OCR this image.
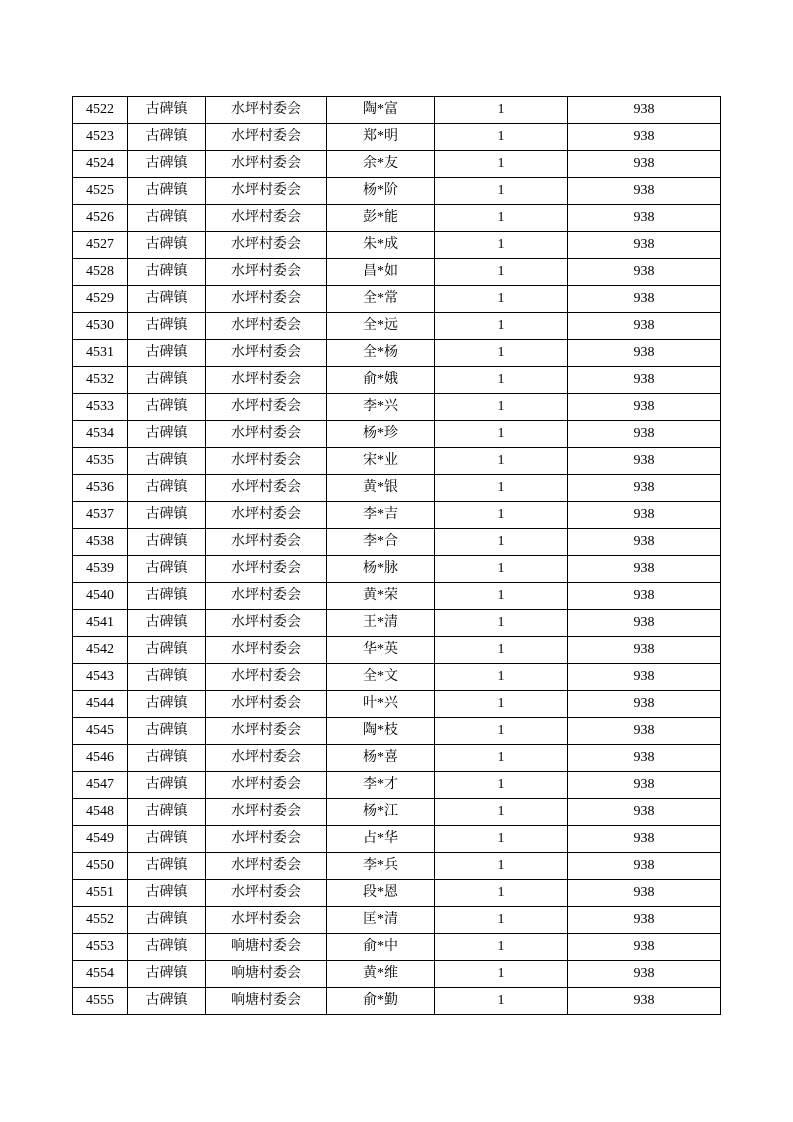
4522	古碑镇	水坪村委会	陶*富	1	938
4523	古碑镇	水坪村委会	郑*明	1	938
4524	古碑镇	水坪村委会	余*友	1	938
4525	古碑镇	水坪村委会	杨*阶	1	938
4526	古碑镇	水坪村委会	彭*能	1	938
4527	古碑镇	水坪村委会	朱*成	1	938
4528	古碑镇	水坪村委会	昌*如	1	938
4529	古碑镇	水坪村委会	全*常	1	938
4530	古碑镇	水坪村委会	全*远	1	938
4531	古碑镇	水坪村委会	全*杨	1	938
4532	古碑镇	水坪村委会	俞*娥	1	938
4533	古碑镇	水坪村委会	李*兴	1	938
4534	古碑镇	水坪村委会	杨*珍	1	938
4535	古碑镇	水坪村委会	宋*业	1	938
4536	古碑镇	水坪村委会	黄*银	1	938
4537	古碑镇	水坪村委会	李*吉	1	938
4538	古碑镇	水坪村委会	李*合	1	938
4539	古碑镇	水坪村委会	杨*脉	1	938
4540	古碑镇	水坪村委会	黄*荣	1	938
4541	古碑镇	水坪村委会	王*清	1	938
4542	古碑镇	水坪村委会	华*英	1	938
4543	古碑镇	水坪村委会	全*文	1	938
4544	古碑镇	水坪村委会	叶*兴	1	938
4545	古碑镇	水坪村委会	陶*枝	1	938
4546	古碑镇	水坪村委会	杨*喜	1	938
4547	古碑镇	水坪村委会	李*才	1	938
4548	古碑镇	水坪村委会	杨*江	1	938
4549	古碑镇	水坪村委会	占*华	1	938
4550	古碑镇	水坪村委会	李*兵	1	938
4551	古碑镇	水坪村委会	段*恩	1	938
4552	古碑镇	水坪村委会	匡*清	1	938
4553	古碑镇	响塘村委会	俞*中	1	938
4554	古碑镇	响塘村委会	黄*维	1	938
4555	古碑镇	响塘村委会	俞*勤	1	938
